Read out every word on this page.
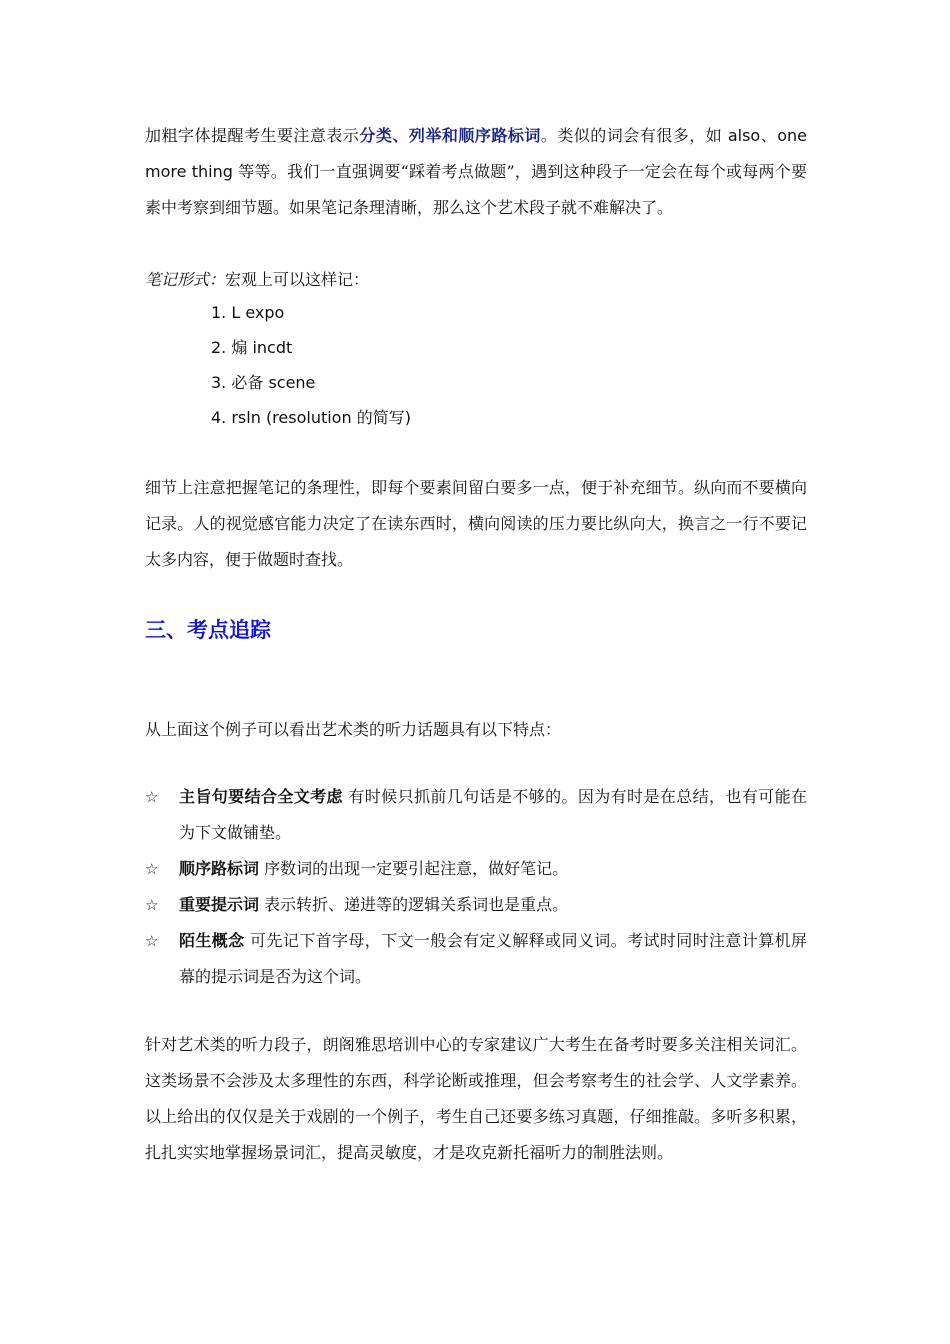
加粗字体提醒考生要注意表示分类、列举和顺序路标词。类似的词会有很多，如 also、one more thing 等等。我们一直强调要“踩着考点做题”，遇到这种段子一定会在每个或每两个要素中考察到细节题。如果笔记条理清晰，那么这个艺术段子就不难解决了。

笔记形式：宏观上可以这样记：

1. L expo
2. 煽 incdt
3. 必备 scene
4. rsln (resolution 的简写)

细节上注意把握笔记的条理性，即每个要素间留白要多一点，便于补充细节。纵向而不要横向记录。人的视觉感官能力决定了在读东西时，横向阅读的压力要比纵向大，换言之一行不要记太多内容，便于做题时查找。

三、考点追踪

从上面这个例子可以看出艺术类的听力话题具有以下特点：

☆ 主旨句要结合全文考虑 有时候只抓前几句话是不够的。因为有时是在总结，也有可能在为下文做铺垫。
☆ 顺序路标词 序数词的出现一定要引起注意，做好笔记。
☆ 重要提示词 表示转折、递进等的逻辑关系词也是重点。
☆ 陌生概念 可先记下首字母，下文一般会有定义解释或同义词。考试时同时注意计算机屏幕的提示词是否为这个词。

针对艺术类的听力段子，朗阁雅思培训中心的专家建议广大考生在备考时要多关注相关词汇。这类场景不会涉及太多理性的东西，科学论断或推理，但会考察考生的社会学、人文学素养。以上给出的仅仅是关于戏剧的一个例子，考生自己还要多练习真题，仔细推敲。多听多积累，扎扎实实地掌握场景词汇，提高灵敏度，才是攻克新托福听力的制胜法则。
